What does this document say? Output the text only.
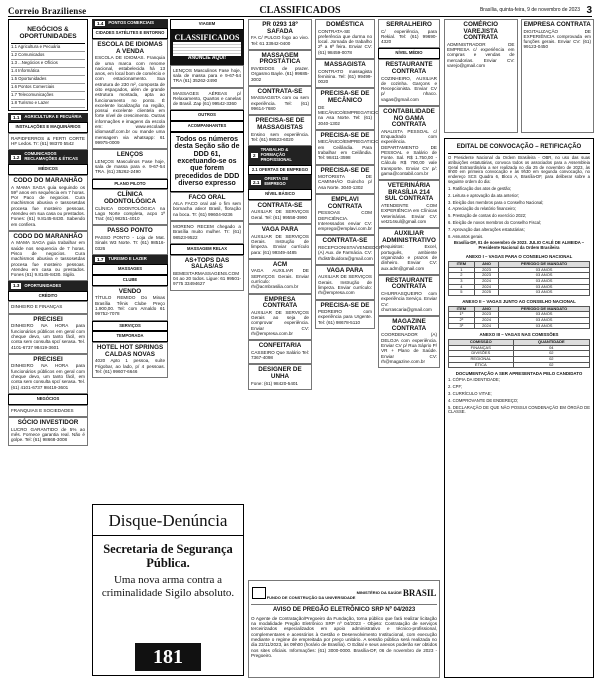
Correio Braziliense	CLASSIFICADOS	Brasília, quinta-feira, 9 de novembro de 2023 3
NEGÓCIOS & OPORTUNIDADES
1.1 Agricultura e Pecuária
1.2 Comunicados
1.3 ...Negócios e Ofícios
1.4 Informática
1.5 Oportunidades
1.6 Pontos Comerciais
1.7 Telecomunicações
1.8 Turismo e Lazer
1.1	AGRICULTURA E PECUÁRIA
INSTALAÇÕES E MAQUINÁRIOS
RAPIDFERROS & FERTI CORTE HF Ledos. Tr: (61) 98370 5542
1.2
COMUNICADOS RECLAMAÇÕES & ÉTICAS
MÉDICOS
CODO DO MARANHÃO
A MAMA SAGA guia seguindo os 59º anos em sequência em 7 horas. Por Paco de negocios. Cura machismos abusiva e tassosetdas procesa fue mosteiro pessoas. Atendeu em sua casa ou prestados. Fones: (61) 9.8145-8430. Sabendo em confiera.
CODO DO MARANHÃO
A MAMA SAGA guia trabalhar em saúde nos sequencia de 7 horas. Pisco de negocios. Cura machismos abusiva e tassosetdas procesa fue mosteiro pessoas. Atendeu em casa ou prestados. Fones (61) 9.8145-8430. Sigilo.
1.3	OPORTUNIDADES
CRÉDITO
DINHEIRO E FINANÇAS
PRECISEI
DINHEIRO NA HORA para funcionários públicos em geral com cheque devo, um tanto fácil, em conta sem consulta spc/ serasa. Tel. 4101-6737 98419-3601
PRECISEI
DINHEIRO NA HORA para funcionários públicos em geral com cheque devo, um tanto fácil, em conta sem consulta spc/ serasa. Tel. (61) 4101-6737 98419-3601
NEGÓCIOS
FRANQUIAS E SOCIEDADES
SÓCIO INVESTIDOR
LUCRO GARANTIDO de 5% ao mês. Fornece garantia real. Não é golpe. Tel: (61) 98668-3008
1.4	PONTOS COMERCIAIS
CIDADES SATÉLITES E ENTORNO
ESCOLA DE IDIOMAS A VENDA
ESCOLA DE IDIOMAS. Franquia de uma marca com renome nacional, estabelecida há 13 anos, em local bom de comércio e com estacionamento. Sua estrutura de 230 m², composta de oito espaçados, além de grande estrutura montada, apta ao funcionamento no ponto. É excelente localização na região, possui excelente clientela em forte nível de crescimento. Outras informações e imagens da escola em: www.escolade idiomasdf.com.br ou mande uma mensagem via whatsapp: 61 99975-0009
LENÇOS
LENÇOS Masculinos Fase hoje, sala de massa para e. 9-67-54 TRA. (61) 35262-2490
PLANO PILOTO
CLÍNICA ODONTOLÓGICA
CLÍNICA ODONTOLÓGICA na Lago Norte completa, acpo 1ª Trat: (61) 98251-4010
PASSO PONTO
PASSO PONTO - Loja de Mat. Sinals W3 Norte. Tr: (61) 98516-0326
1.7	TURISMO E LAZER
MASSAGES
CLUBE
VENDO
TÍTULO REMIDO Do Minas Brasília Tênis Clube Preço 1.900,00. Tel: com Arnaldo 61 99752-7078
SERVIÇOS
TEMPORADA
HOTEL HOT SPRINGS CALDAS NOVAS
4020 Apto 1 pessoa, suíte Frigobar, ao lado, p/ 4 pessoas. Tel: (61) 99607-6646
VIAGEM
CLASSIFICADOS
ANUNCIE AQUI!
LENÇOS Masculinos Fase hoje, sala de massa para e 9-67-54 TRA (61) 35262-2490
MASSAGES AÉREAS p/ Relaxamento, Quartos e canelas de Brasil. Zap (61) 99542-3360
OUTROS
ACOMPANHANTES
Todos os números desta Seção são de DDD 61, excetuando-se os que forem precedidos de DDD diverso expresso
FACO ORAL
AILA FACO oral até o fim sem bornacha ativo! Brasil, floração na boca. Tr: (61) 99604-9236
MORENO RECEM chegado a Brasília muito mulher. Tr: (61) 98523-9522
MASSAGEM RELAX
AS+TOPS DAS SALAS/AS
BEMESTARMASSAGENS.COM 04 ao 20 todos. Ligue: 61 99501-9775 33494627
PR 0293 18º SAFADA
FA C/ PULGO fogo ao vivo. Tel: 61 33942-0400
MASSAGEM PROSTÁTICA
INVIDIDOS de prazer. Orgasmo Bayle. (61) 99685-3002
CONTRATA-SE
MASSAGISTA com ou sem experiência. Tel: (61) 99614-7680
PRECISA-SE DE MASSAGISTAS
Ensino sem experiência. Tel: (61) 99523-6020
2
TRABALHO & FORMAÇÃO PROFISSIONAL
2.1 OFERTAS DE EMPREGO
2.1
OFERTA DE EMPREGO
NÍVEL BÁSICO
CONTRATA-SE
AUXILIAR DE SERVIÇOS Geral. Tel: (61) 99558-3990
VAGA PARA
AUXILIAR DE SERVIÇOS Gerais. Instrução de limpeza. Enviar currículo para: (61) 99349-4485
ACM
VAGA AUXILIAR DE SERVIÇOS Gerais. Enviar currículo: rh@acmbrasilia.com.br
EMPRESA CONTRATA
AUXILIAR DE SERVIÇOS Gerais ao seja de comprovar experiência. Enviar CV: rh@empresa.com.br
CONFEITARIA
CASSEIRO Que Salário Tel: 7367-4098
DESIGNER DE UNHA
Fone: (61) 98420-5401
DOMÉSTICA
CONTRATA-SE preferência que durma no local. Jornada de trabalho 2ª a 6ª feira. Enviar CV: (61) 98459-0078
MASSAGISTA
CONTRATO massagista feminina. Tel: (61) 99499-0020
PRECISA-SE DE MECÂNICO
DE MECÂNICO/EMPREGATICIO na Asa Norte. Tel: (61) 3040-1302
PRECISA-SE DE
MECÂNICO/EMPREGATICIO em Ceilândia. Para trabalhar em Ceilândia. Tel: 98411-3598
PRECISA-SE DE
MOTORISTA DE CAMINHÃO Guincho p/ Asa Norte. 3040-1302
EMPLAVI CONTRATA
PESSOAS COM DEFICIÊNCIA. Interessados enviar CV: emprego@emplavi.com.br
CONTRATA-SE
RECEPCIONISTA/VENDEDOR (A) Aux. de Farmácia. CV: rhdistribuidora@gmail.com
VAGA PARA
AUXILIAR DE SERVIÇOS Gerais. Instrução de limpeza. Enviar currículo: rh@empresa.com
PRECISA-SE DE
PEDREIRO com experiência para Urgente. Tel: (61) 98678-5110
SERRALHEIRO
C/ experiência, para Rekial. Tel: (61) 99690-4320
NÍVEL MÉDIO
RESTAURANTE CONTRATA
COZINHEIRO, AUXILIAR de cozinha. Garçons e Recepcionista. Enviar CV p/ nhaco. vagas@gmail.com
CONTABILIDADE NO GAMA CONTRATA
ANALISTA PESSOAL c/ Enquadrado com experiência. DEPARTAMENTO DE PESSOAL e Salário de Fonte. Sal. R$ 1.750,00 - Cálculo R$ 790,00 vale transporte. Enviar CV p/: gama@contabil.com.br
VETERINÁRIA BRASÍLIA 214 SUL CONTRATA
ATENDENTE COM EXPERIÊNCIA em Clínicas Veterinárias. Enviar CV: vet214sul@gmail.com
AUXILIAR ADMINISTRATIVO
Requisitos: Excel, português, ambiente organizado e prazos de dinheiro. Enviar CV: aux.adm@gmail.com
RESTAURANTE CONTRATA
CHURRASQUEIRO com experiência Serviço. Enviar CV: churrascaria@gmail.com
MAGAZINE CONTRATA
COORDENADOR (A) DELOJA com experiência. Enviar CV p/ Rua Sáprio P/ VR + Plano de Saúde. Enviar CV: rh@magazine.com.br
COMÉRCIO VAREJISTA CONTRATA
ADMINISTRADOR DE EMPRESA c/ experiência em compras e vendas de mercadorias. Enviar CV: varejo@gmail.com
EMPRESA CONTRATA
DIGITALIZAÇÃO DE EXPERIÊNCIA comprovada em funções gerais. Enviar CV: (61) 99123-0450
Disque-Denúncia
Secretaria de Segurança Pública.
Uma nova arma contra a criminalidade Sigilo absoluto.
181
FUNDO DE CONSTRUÇÃO DA UNIVERSIDADE
MINISTÉRIO DA SAÚDE BRASIL
AVISO DE PREGÃO ELETRÔNICO SRP Nº 04/2023
O Agente de Contratação/Pregoeiro da Fundação, torna público que fará realizar licitação na modalidade Pregão Eletrônico SRP nº 04/2023 - Objeto: Contratação de serviços terceirizados especializados em apoio administrativo e técnico-profissional, complementares e acessórios à Gestão e Desenvolvimento Institucional, com execução mediante o regime de empreitada por preço unitário. A sessão pública será realizada no dia 23/11/2023, às 09h00 (horário de Brasília). O Edital e seus anexos poderão ser obtidos nos sites oficiais. Informações: (61) 3000-0000. Brasília-DF, 06 de novembro de 2023 - Pregoeiro.
EDITAL DE CONVOCAÇÃO – RETIFICAÇÃO
O Presidente Nacional da Ordem Brasileira - OBR, no uso das suas atribuições estatutárias, convoca todos os associados para a Assembleia Geral Extraordinária a ser realizada no dia 25 de novembro de 2023, às 9h00 em primeira convocação e às 9h30 em segunda convocação, no endereço SCS Quadra 6, Bloco A, Brasília-DF, para deliberar sobre a seguinte ordem do dia:
1. Ratificação dos atos de gestão;
2. Leitura e aprovação da ata anterior;
3. Eleição dos membros para o Conselho Nacional;
4. Apreciação do relatório financeiro;
5. Prestação de contas do exercício 2022;
6. Eleição de novos membros do Conselho Fiscal;
7. Aprovação das alterações estatutárias;
8. Assuntos gerais.
Brasília-DF, 01 de novembro de 2023. JULIO CALÉ DE ALMEIDA – Presidente Nacional da Ordem Brasileira
ANEXO I – VAGAS PARA O CONSELHO NACIONAL
ITEM	ANO	PERÍODO DE MANDATO
1	2023	03 ANOS
2	2023	03 ANOS
3	2024	03 ANOS
4	2024	03 ANOS
5	2025	03 ANOS
ANEXO II – VAGAS JUNTO AO CONSELHO NACIONAL
ITEM	ANO	PERÍODO DE MANDATO
1º	2023	03 ANOS
2º	2024	03 ANOS
3º	2024	03 ANOS
ANEXO III – VAGAS NAS COMISSÕES
COMISSÃO	QUANTIDADE
FINANÇAS	04
DIVISÕES	02
REGIONAL	02
ÉTICA	02
DOCUMENTAÇÃO A SER APRESENTADA PELO CANDIDATO
1. CÓPIA DA IDENTIDADE;
2. CPF;
3. CURRÍCULO VITAE;
4. COMPROVANTE DE ENDEREÇO;
5. DECLARAÇÃO DE QUE NÃO POSSUI CONDENAÇÃO EM ÓRGÃO DE CLASSE.
